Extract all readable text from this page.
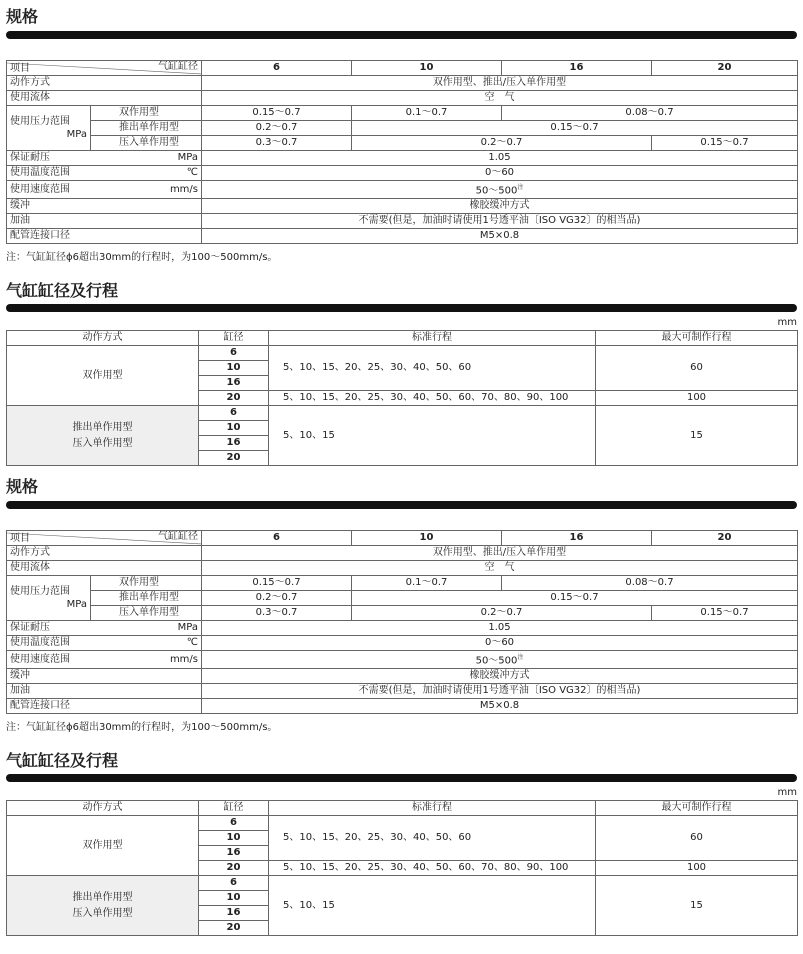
规格
项目 气缸缸径		6	10	16	20
动作方式		双作用型、推出/压入单作用型			
使用流体		空　气			

使用压力范围
MPa	双作用型	0.15～0.7	0.1～0.7	0.08～0.7	
	推出单作用型	0.2～0.7	0.15～0.7		
	压入单作用型	0.3～0.7	0.2～0.7		0.15～0.7
保证耐压 MPa		1.05			
使用温度范围 ℃		0～60			
使用速度范围 mm/s		$50\sim 500^注$
缓冲		橡胶缓冲方式			
加油		不需要(但是，加油时请使用1号透平油〔ISO VG32〕的相当品)			
配管连接口径		M5×0.8			
注：气缸缸径ϕ6超出30mm的行程时，为100～500mm/s。
气缸缸径及行程
mm
动作方式	缸径	标准行程	最大可制作行程
双作用型	6	5、10、15、20、25、30、40、50、60	60
	10		
	16		
	20	5、10、15、20、25、30、40、50、60、70、80、90、100	100

推出单作用型
压入单作用型	6	5、10、15	15
	10		
	16		
	20		
规格
项目 气缸缸径		6	10	16	20
动作方式		双作用型、推出/压入单作用型			
使用流体		空　气			

使用压力范围
MPa	双作用型	0.15～0.7	0.1～0.7	0.08～0.7	
	推出单作用型	0.2～0.7	0.15～0.7		
	压入单作用型	0.3～0.7	0.2～0.7		0.15～0.7
保证耐压 MPa		1.05			
使用温度范围 ℃		0～60			
使用速度范围 mm/s		$50\sim 500^注$
缓冲		橡胶缓冲方式			
加油		不需要(但是，加油时请使用1号透平油〔ISO VG32〕的相当品)			
配管连接口径		M5×0.8			
注：气缸缸径ϕ6超出30mm的行程时，为100～500mm/s。
气缸缸径及行程
mm
动作方式	缸径	标准行程	最大可制作行程
双作用型	6	5、10、15、20、25、30、40、50、60	60
	10		
	16		
	20	5、10、15、20、25、30、40、50、60、70、80、90、100	100

推出单作用型
压入单作用型	6	5、10、15	15
	10		
	16		
	20		
